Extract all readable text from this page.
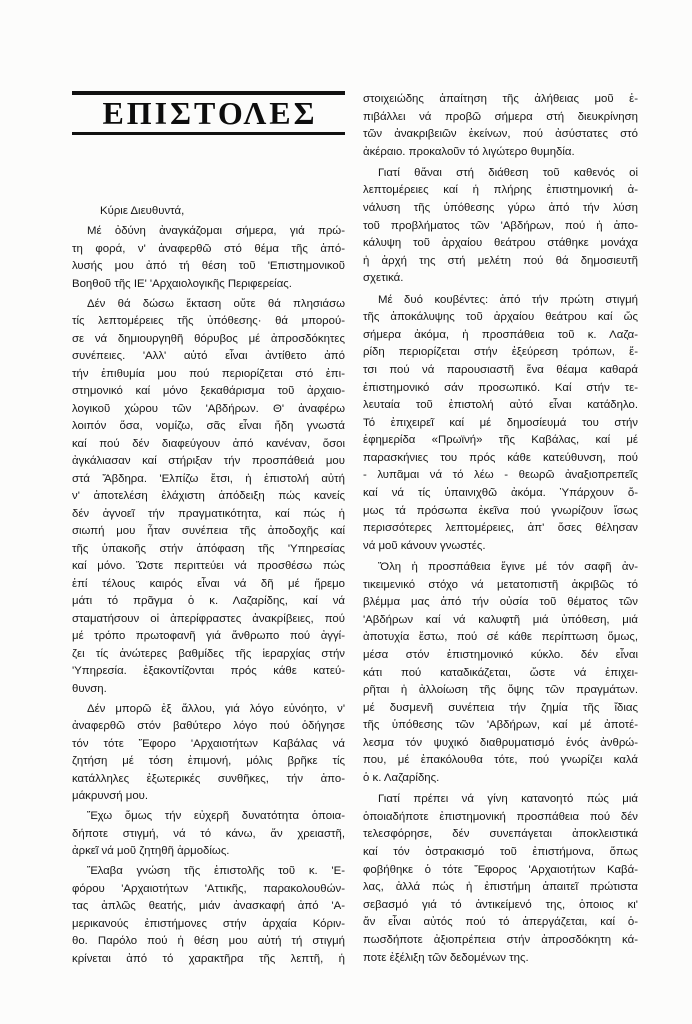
ΕΠΙΣΤΟΛΕΣ
Κύριε Διευθυντά,
Μέ ὀδύνη ἀναγκάζομαι σήμερα, γιά πρώ-
τη φορά, ν' ἀναφερθῶ στό θέμα τῆς ἀπό-
λυσής μου ἀπό τή θέση τοῦ 'Επιστημονικοῦ
Βοηθοῦ τῆς ΙΕ' 'Αρχαιολογικῆς Περιφερείας.
Δέν θά δώσω ἔκταση οὔτε θά πλησιάσω
τίς λεπτομέρειες τῆς ὑπόθεσης· θά μπορού-
σε νά δημιουργηθῆ θόρυβος μέ ἀπροσδόκητες
συνέπειες. 'Αλλ' αὐτό εἶναι ἀντίθετο ἀπό
τήν ἐπιθυμία μου πού περιορίζεται στό ἐπι-
στημονικό καί μόνο ξεκαθάρισμα τοῦ ἀρχαιο-
λογικοῦ χώρου τῶν 'Αβδήρων. Θ' ἀναφέρω
λοιπόν ὅσα, νομίζω, σᾶς εἶναι ἤδη γνωστά
καί πού δέν διαφεύγουν ἀπό κανέναν, ὅσοι
ἀγκάλιασαν καί στήριξαν τήν προσπάθειά μου
στά Ἄβδηρα. 'Ελπίζω ἔτσι, ἡ ἐπιστολή αὐτή
ν' ἀποτελέση ἐλάχιστη ἀπόδειξη πώς κανείς
δέν ἀγνοεῖ τήν πραγματικότητα, καί πώς ἡ
σιωπή μου ἦταν συνέπεια τῆς ἀποδοχῆς καί
τῆς ὑπακοῆς στήν ἀπόφαση τῆς 'Υπηρεσίας
καί μόνο. Ὥστε περιττεύει νά προσθέσω πώς
ἐπί τέλους καιρός εἶναι νά δῆ μέ ἤρεμο
μάτι τό πρᾶγμα ὁ κ. Λαζαρίδης, καί νά
σταματήσουν οἱ ἀπερίφραστες ἀνακρίβειες, πού
μέ τρόπο πρωτοφανῆ γιά ἄνθρωπο πού ἀγγί-
ζει τίς ἀνώτερες βαθμίδες τῆς ἱεραρχίας στήν
'Υπηρεσία. ἐξακοντίζονται πρός κάθε κατεύ-
θυνση.
Δέν μπορῶ ἐξ ἄλλου, γιά λόγο εὐνόητο, ν'
ἀναφερθῶ στόν βαθύτερο λόγο πού ὁδήγησε
τόν τότε Ἔφορο 'Αρχαιοτήτων Καβάλας νά
ζητήση μέ τόση ἐπιμονή, μόλις βρῆκε τίς
κατάλληλες ἐξωτερικές συνθῆκες, τήν ἀπο-
μάκρυνσή μου.
Ἔχω ὅμως τήν εὐχερῆ δυνατότητα ὁποια-
δήποτε στιγμή, νά τό κάνω, ἄν χρειαστῆ,
ἀρκεῖ νά μοῦ ζητηθῆ ἁρμοδίως.
Ἔλαβα γνώση τῆς ἐπιστολῆς τοῦ κ. 'Ε-
φόρου 'Αρχαιοτήτων 'Αττικῆς, παρακολουθών-
τας ἁπλῶς θεατής, μιάν ἀνασκαφή ἀπό 'Α-
μερικανούς ἐπιστήμονες στήν ἀρχαία Κόριν-
θο. Παρόλο πού ἡ θέση μου αὐτή τή στιγμή
κρίνεται ἀπό τό χαρακτῆρα τῆς λεπτῆ, ἡ
στοιχειώδης ἀπαίτηση τῆς ἀλήθειας μοῦ ἐ-
πιβάλλει νά προβῶ σήμερα στή διευκρίνηση
τῶν ἀνακριβειῶν ἐκείνων, πού ἀσύστατες στό
ἀκέραιο. προκαλοῦν τό λιγώτερο θυμηδία.
Γιατί θἄναι στή διάθεση τοῦ καθενός οἱ
λεπτομέρειες καί ἡ πλήρης ἐπιστημονική ἀ-
νάλυση τῆς ὑπόθεσης γύρω ἀπό τήν λύση
τοῦ προβλήματος τῶν 'Αβδήρων, πού ἡ ἀπο-
κάλυψη τοῦ ἀρχαίου θεάτρου στάθηκε μονάχα
ἡ ἀρχή της στή μελέτη πού θά δημοσιευτῆ
σχετικά.
Μέ δυό κουβέντες: ἀπό τήν πρώτη στιγμή
τῆς ἀποκάλυψης τοῦ ἀρχαίου θεάτρου καί ὥς
σήμερα ἀκόμα, ἡ προσπάθεια τοῦ κ. Λαζα-
ρίδη περιορίζεται στήν ἐξεύρεση τρόπων, ἔ-
τσι πού νά παρουσιαστῆ ἕνα θέαμα καθαρά
ἐπιστημονικό σάν προσωπικό. Καί στήν τε-
λευταία τοῦ ἐπιστολή αὐτό εἶναι κατάδηλο.
Τό ἐπιχειρεῖ καί μέ δημοσίευμά του στήν
ἐφημερίδα «Πρωϊνή» τῆς Καβάλας, καί μέ
παρασκήνιες του πρός κάθε κατεύθυνση, πού
- λυπᾶμαι νά τό λέω - θεωρῶ ἀναξιοπρεπεῖς
καί νά τίς ὑπαινιχθῶ ἀκόμα. Ὑπάρχουν ὅ-
μως τά πρόσωπα ἐκεῖνα πού γνωρίζουν ἴσως
περισσότερες λεπτομέρειες, ἀπ' ὅσες θέλησαν
νά μοῦ κάνουν γνωστές.
Ὅλη ἡ προσπάθεια ἔγινε μέ τόν σαφῆ ἀν-
τικειμενικό στόχο νά μετατοπιστῆ ἀκριβῶς τό
βλέμμα μας ἀπό τήν οὐσία τοῦ θέματος τῶν
'Αβδήρων καί νά καλυφτῆ μιά ὑπόθεση, μιά
ἀποτυχία ἔστω, πού σέ κάθε περίπτωση ὅμως,
μέσα στόν ἐπιστημονικό κύκλο. δέν εἶναι
κάτι πού καταδικάζεται, ὥστε νά ἐπιχει-
ρῆται ἡ ἀλλοίωση τῆς ὄψης τῶν πραγμάτων.
μέ δυσμενῆ συνέπεια τήν ζημία τῆς ἴδιας
τῆς ὑπόθεσης τῶν 'Αβδήρων, καί μέ ἀποτέ-
λεσμα τόν ψυχικό διαθρυματισμό ἑνός ἀνθρώ-
που, μέ ἐπακόλουθα τότε, πού γνωρίζει καλά
ὁ κ. Λαζαρίδης.
Γιατί πρέπει νά γίνη κατανοητό πώς μιά
ὁποιαδήποτε ἐπιστημονική προσπάθεια πού δέν
τελεσφόρησε, δέν συνεπάγεται ἀποκλειστικά
καί τόν ὀστρακισμό τοῦ ἐπιστήμονα, ὅπως
φοβήθηκε ὁ τότε Ἔφορος 'Αρχαιοτήτων Καβά-
λας, ἀλλά πώς ἡ ἐπιστήμη ἀπαιτεῖ πρώτιστα
σεβασμό γιά τό ἀντικείμενό της, ὁποιος κι'
ἄν εἶναι αὐτός πού τό ἀπεργάζεται, καί ὁ-
πωσδήποτε ἀξιοπρέπεια στήν ἀπροσδόκητη κά-
ποτε ἐξέλιξη τῶν δεδομένων της.
